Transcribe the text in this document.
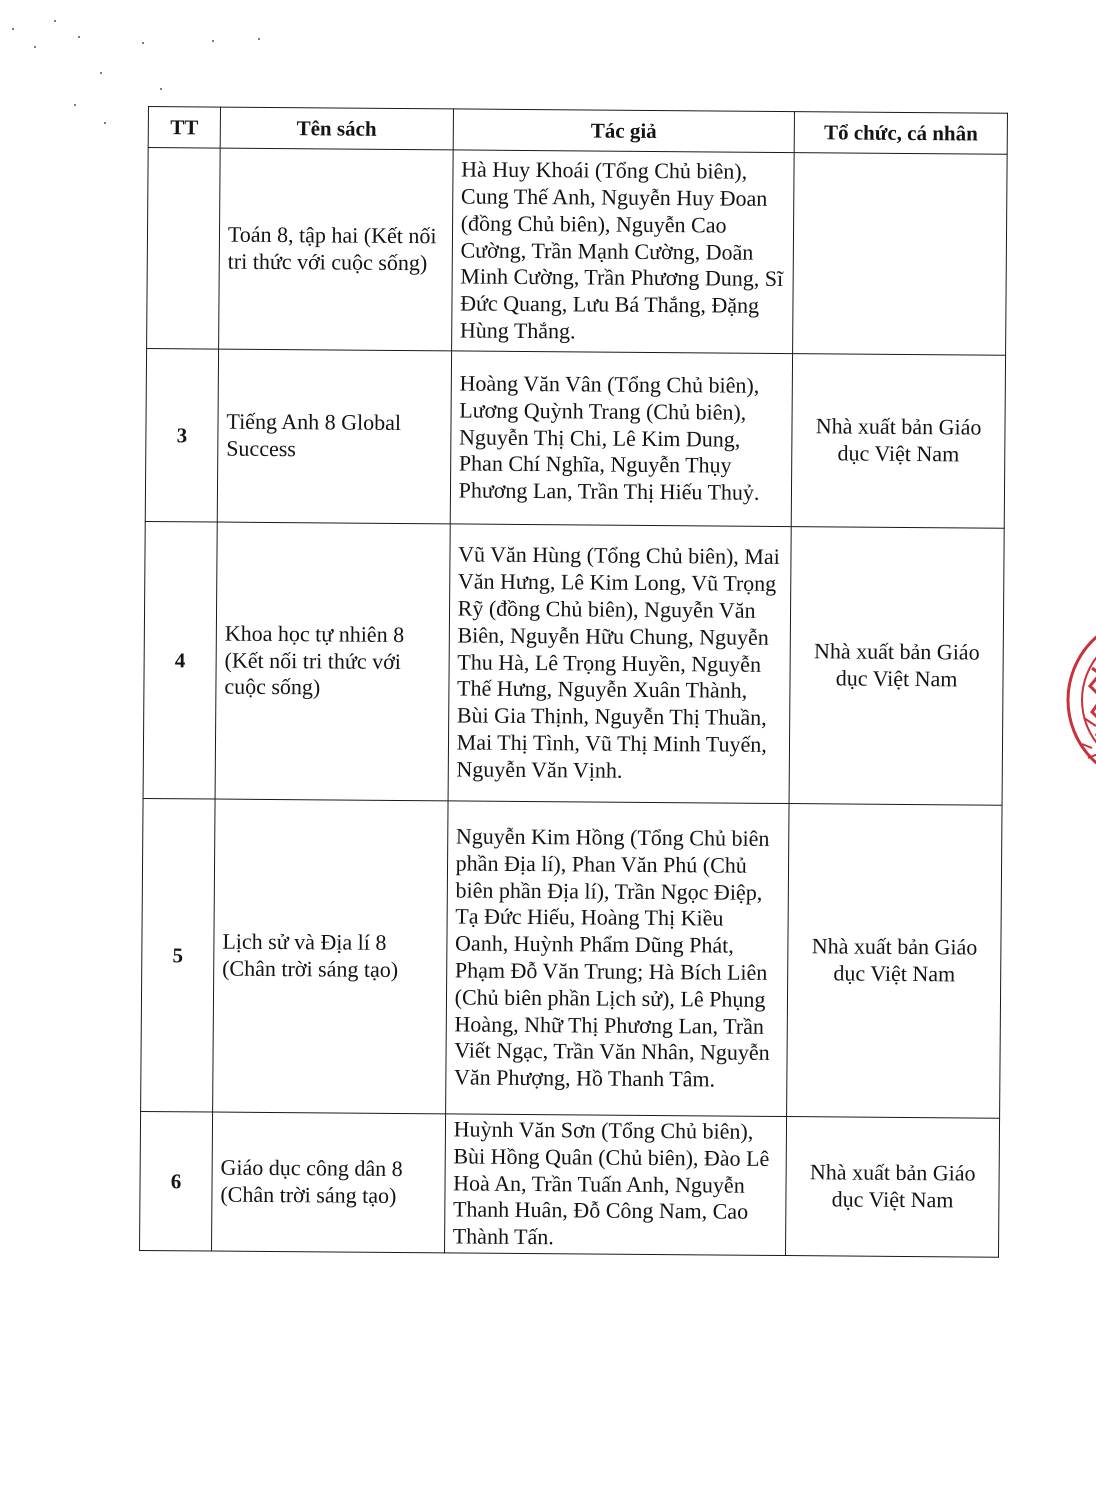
TT	Tên sách	Tác giả	Tổ chức, cá nhân
	Toán 8, tập hai (Kết nối tri thức với cuộc sống)	Hà Huy Khoái (Tổng Chủ biên), Cung Thế Anh, Nguyễn Huy Đoan (đồng Chủ biên), Nguyễn Cao Cường, Trần Mạnh Cường, Doãn Minh Cường, Trần Phương Dung, Sĩ Đức Quang, Lưu Bá Thắng, Đặng Hùng Thắng.	
3	Tiếng Anh 8 Global Success	Hoàng Văn Vân (Tổng Chủ biên), Lương Quỳnh Trang (Chủ biên), Nguyễn Thị Chi, Lê Kim Dung, Phan Chí Nghĩa, Nguyễn Thụy Phương Lan, Trần Thị Hiếu Thuỷ.	Nhà xuất bản Giáo dục Việt Nam
4	Khoa học tự nhiên 8 (Kết nối tri thức với cuộc sống)	Vũ Văn Hùng (Tổng Chủ biên), Mai Văn Hưng, Lê Kim Long, Vũ Trọng Rỹ (đồng Chủ biên), Nguyễn Văn Biên, Nguyễn Hữu Chung, Nguyễn Thu Hà, Lê Trọng Huyền, Nguyễn Thế Hưng, Nguyễn Xuân Thành, Bùi Gia Thịnh, Nguyễn Thị Thuần, Mai Thị Tình, Vũ Thị Minh Tuyến, Nguyễn Văn Vịnh.	Nhà xuất bản Giáo dục Việt Nam
5	Lịch sử và Địa lí 8 (Chân trời sáng tạo)	Nguyễn Kim Hồng (Tổng Chủ biên phần Địa lí), Phan Văn Phú (Chủ biên phần Địa lí), Trần Ngọc Điệp, Tạ Đức Hiếu, Hoàng Thị Kiều Oanh, Huỳnh Phẩm Dũng Phát, Phạm Đỗ Văn Trung; Hà Bích Liên (Chủ biên phần Lịch sử), Lê Phụng Hoàng, Nhữ Thị Phương Lan, Trần Viết Ngạc, Trần Văn Nhân, Nguyễn Văn Phượng, Hồ Thanh Tâm.	Nhà xuất bản Giáo dục Việt Nam
6	Giáo dục công dân 8 (Chân trời sáng tạo)	Huỳnh Văn Sơn (Tổng Chủ biên), Bùi Hồng Quân (Chủ biên), Đào Lê Hoà An, Trần Tuấn Anh, Nguyễn Thanh Huân, Đỗ Công Nam, Cao Thành Tấn.	Nhà xuất bản Giáo dục Việt Nam
